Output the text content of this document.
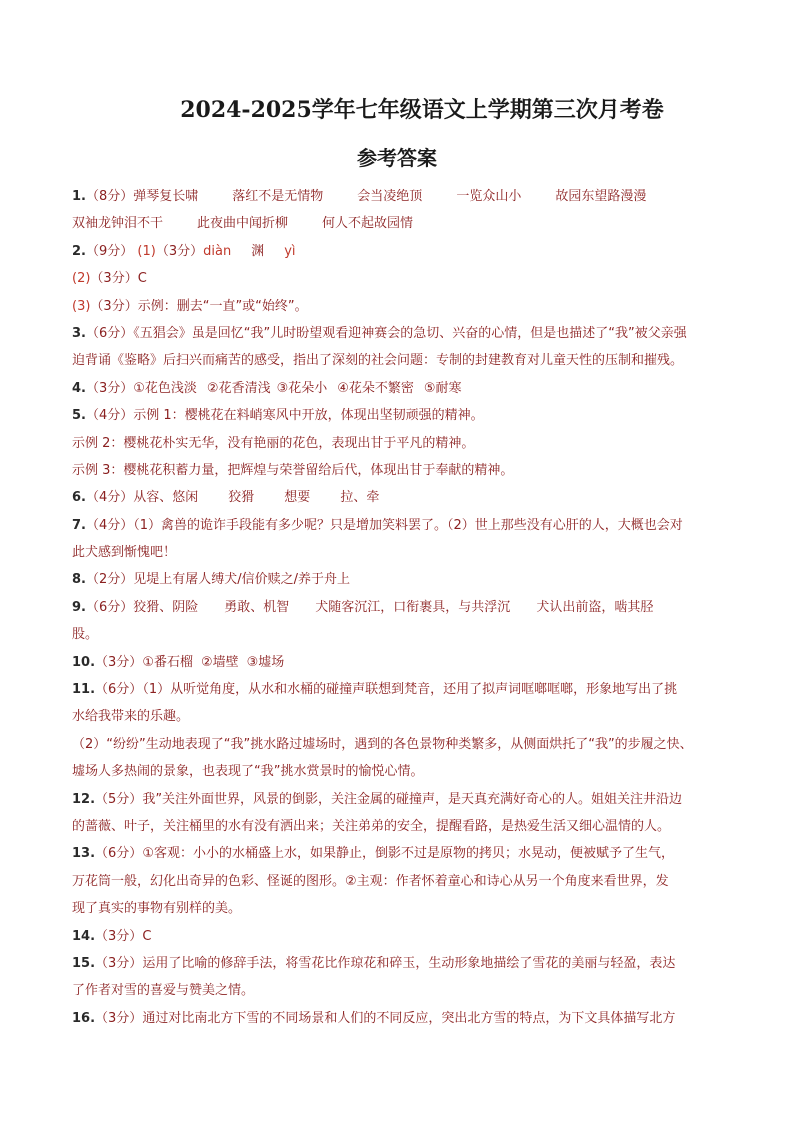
2024-2025学年七年级语文上学期第三次月考卷
参考答案
1.（8分）弹琴复长啸	落红不是无情物	会当凌绝顶	一览众山小	故园东望路漫漫
双袖龙钟泪不干	此夜曲中闻折柳	何人不起故园情
2.（9分） (1)（3分）diàn 渊 yì
(2)（3分）C
(3)（3分）示例：删去“一直”或“始终”。
3.（6分）《五猖会》虽是回忆“我”儿时盼望观看迎神赛会的急切、兴奋的心情，但是也描述了“我”被父亲强
迫背诵《鉴略》后扫兴而痛苦的感受，指出了深刻的社会问题：专制的封建教育对儿童天性的压制和摧残。
4.（3分）①花色浅淡 ②花香清浅 ③花朵小 ④花朵不繁密 ⑤耐寒
5.（4分）示例 1：樱桃花在料峭寒风中开放，体现出坚韧顽强的精神。
示例 2：樱桃花朴实无华，没有艳丽的花色，表现出甘于平凡的精神。
示例 3：樱桃花积蓄力量，把辉煌与荣誉留给后代，体现出甘于奉献的精神。
6.（4分）从容、悠闲 狡猾 想要 拉、牵
7.（4分）（1）禽兽的诡诈手段能有多少呢？只是增加笑料罢了。（2）世上那些没有心肝的人，大概也会对
此犬感到惭愧吧！
8.（2分）见堤上有屠人缚犬/信价赎之/养于舟上
9.（6分）狡猾、阴险 勇敢、机智 犬随客沉江，口衔裹具，与共浮沉 犬认出前盗，啮其胫
股。
10.（3分）①番石榴 ②墙壁 ③墟场
11.（6分）（1）从听觉角度，从水和水桶的碰撞声联想到梵音，还用了拟声词哐啷哐啷，形象地写出了挑
水给我带来的乐趣。
（2）“纷纷”生动地表现了“我”挑水路过墟场时，遇到的各色景物种类繁多，从侧面烘托了“我”的步履之快、
墟场人多热闹的景象，也表现了“我”挑水赏景时的愉悦心情。
12.（5分）我”关注外面世界，风景的倒影，关注金属的碰撞声，是天真充满好奇心的人。姐姐关注井沿边
的蔷薇、叶子，关注桶里的水有没有洒出来；关注弟弟的安全，提醒看路，是热爱生活又细心温情的人。
13.（6分）①客观：小小的水桶盛上水，如果静止，倒影不过是原物的拷贝；水晃动，便被赋予了生气，
万花筒一般，幻化出奇异的色彩、怪诞的图形。②主观：作者怀着童心和诗心从另一个角度来看世界，发
现了真实的事物有别样的美。
14.（3分）C
15.（3分）运用了比喻的修辞手法，将雪花比作琼花和碎玉，生动形象地描绘了雪花的美丽与轻盈，表达
了作者对雪的喜爱与赞美之情。
16.（3分）通过对比南北方下雪的不同场景和人们的不同反应，突出北方雪的特点，为下文具体描写北方
